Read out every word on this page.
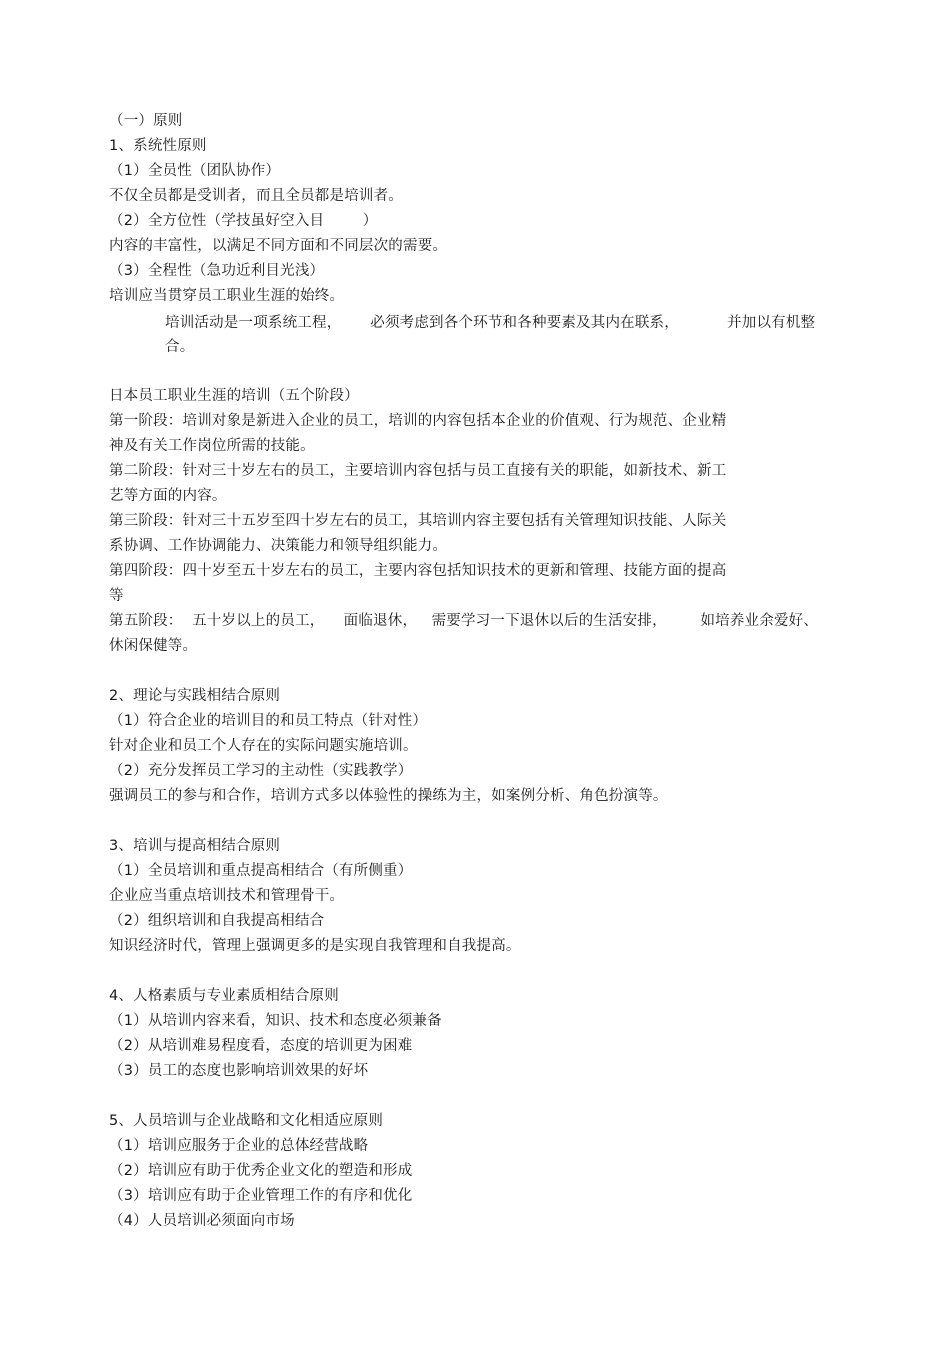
（一）原则
1、系统性原则
（1）全员性（团队协作）
不仅全员都是受训者，而且全员都是培训者。
（2）全方位性（学技虽好空入目        ）
内容的丰富性，以满足不同方面和不同层次的需要。
（3）全程性（急功近利目光浅）
培训应当贯穿员工职业生涯的始终。
培训活动是一项系统工程，      必须考虑到各个环节和各种要素及其内在联系，          并加以有机整
合。
日本员工职业生涯的培训（五个阶段）
第一阶段：培训对象是新进入企业的员工，培训的内容包括本企业的价值观、行为规范、企业精
神及有关工作岗位所需的技能。
第二阶段：针对三十岁左右的员工，主要培训内容包括与员工直接有关的职能，如新技术、新工
艺等方面的内容。
第三阶段：针对三十五岁至四十岁左右的员工，其培训内容主要包括有关管理知识技能、人际关
系协调、工作协调能力、决策能力和领导组织能力。
第四阶段：四十岁至五十岁左右的员工，主要内容包括知识技术的更新和管理、技能方面的提高
等
第五阶段：  五十岁以上的员工，    面临退休，   需要学习一下退休以后的生活安排，       如培养业余爱好、
休闲保健等。
2、理论与实践相结合原则
（1）符合企业的培训目的和员工特点（针对性）
针对企业和员工个人存在的实际问题实施培训。
（2）充分发挥员工学习的主动性（实践教学）
强调员工的参与和合作，培训方式多以体验性的操练为主，如案例分析、角色扮演等。
3、培训与提高相结合原则
（1）全员培训和重点提高相结合（有所侧重）
企业应当重点培训技术和管理骨干。
（2）组织培训和自我提高相结合
知识经济时代，管理上强调更多的是实现自我管理和自我提高。
4、人格素质与专业素质相结合原则
（1）从培训内容来看，知识、技术和态度必须兼备
（2）从培训难易程度看，态度的培训更为困难
（3）员工的态度也影响培训效果的好坏
5、人员培训与企业战略和文化相适应原则
（1）培训应服务于企业的总体经营战略
（2）培训应有助于优秀企业文化的塑造和形成
（3）培训应有助于企业管理工作的有序和优化
（4）人员培训必须面向市场
